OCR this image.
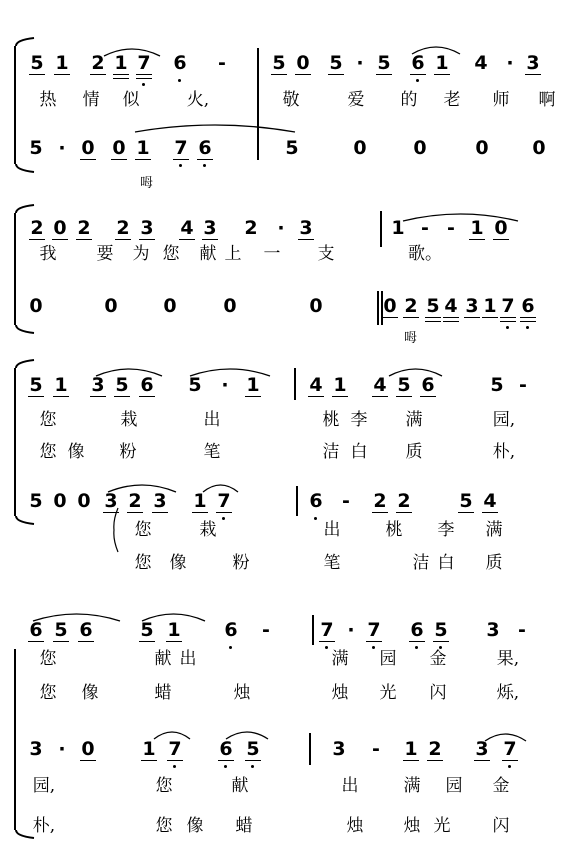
5 1	2 1 7	6	-	5 0	5 · 5	6 1	4 · 3
热	情	似	火,	敬	爱	的	老	师	啊
5 · 0 0 1	7 6	5	0	0	0	0
呣
2 0 2	2 3	4 3	2	· 3	1 - - 1 0
我	要	为 您	献 上	一	支	歌。
0	0	0	0	0	0 2 5 4 3 1 7 6
呣
5 1	3 5 6	5	· 1	4 1	4 5 6	5 -
您	栽	出	桃 李	满	园,
您 像	粉	笔	洁 白	质	朴,
5 0 0 3 2 3	1 7	6	-	2 2	5 4
您	栽	出	桃	李	满
您	像	粉	笔	洁 白	质
6 5 6	5 1	6	-	7 · 7	6 5	3 -
您	献 出	满	园	金	果,
您	像	蜡	烛	烛	光	闪	烁,
3 · 0	1 7	6 5	3	-	1 2	3 7
园,	您	献	出	满	园	金
朴,	您 像	蜡	烛	烛 光	闪
